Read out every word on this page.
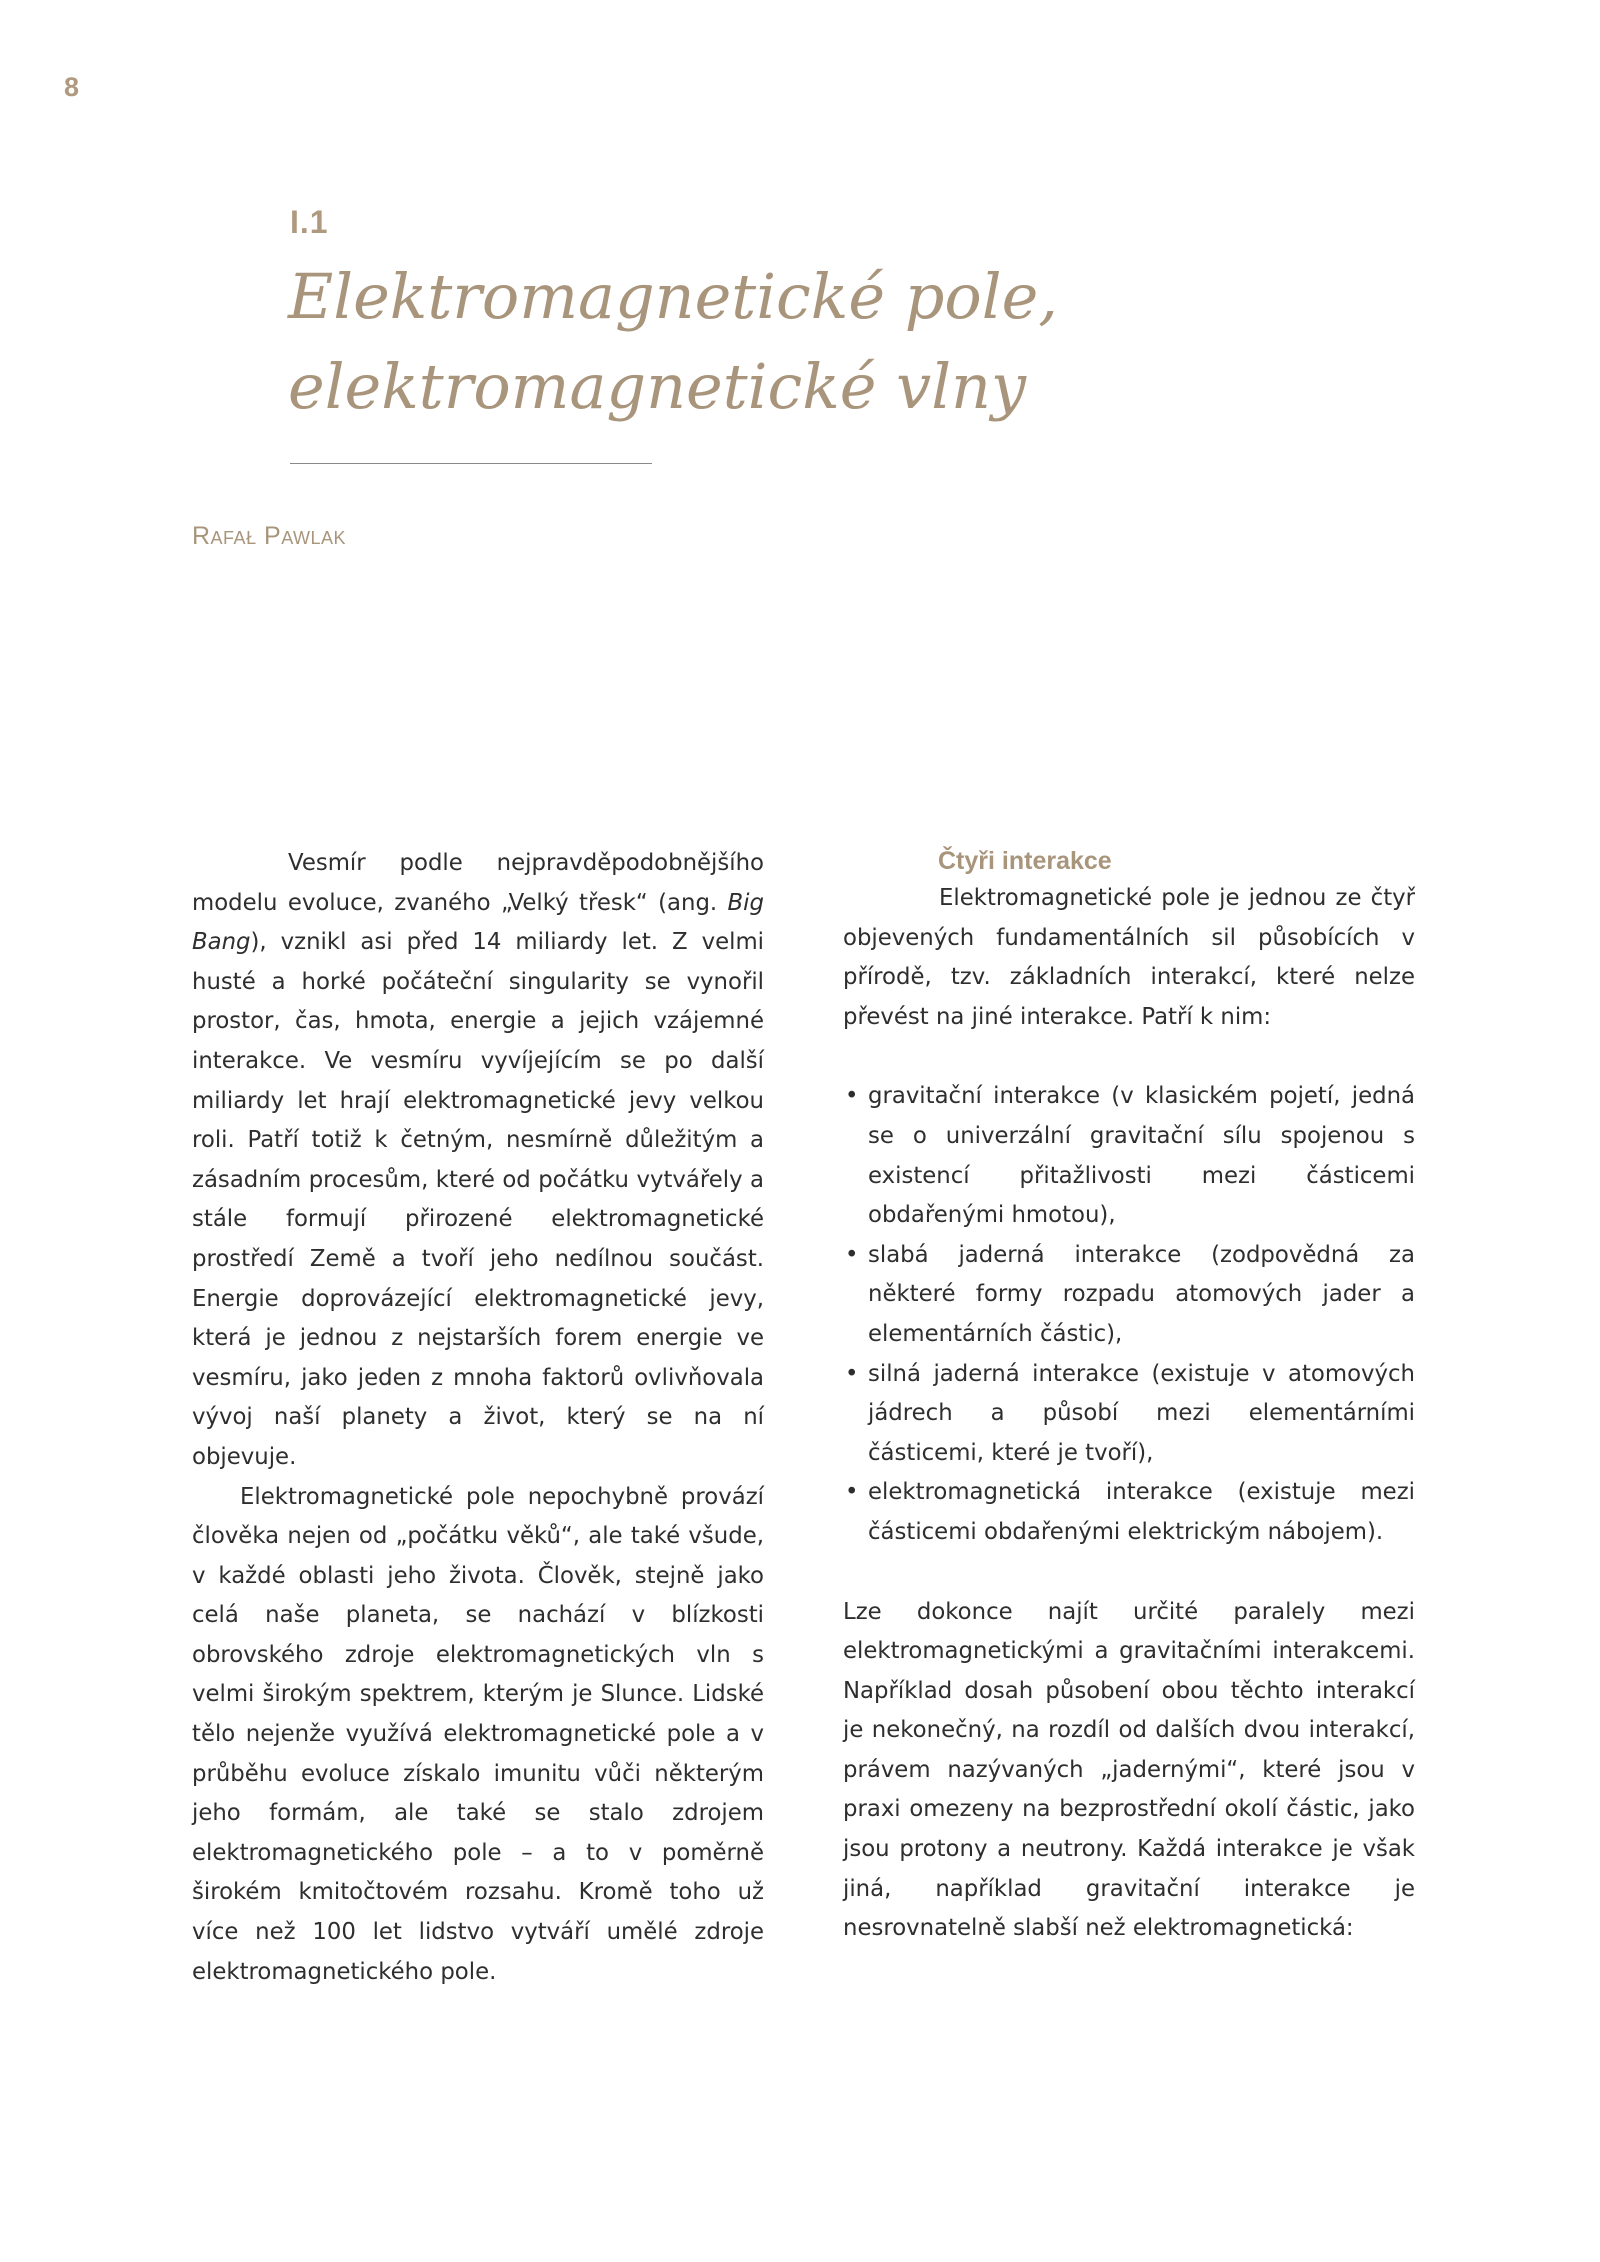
8
I.1
Elektromagnetické pole,
elektromagnetické vlny
Rafał Pawlak

Vesmír podle nejpravděpodobnějšího modelu evoluce, zvaného „Velký třesk“ (ang. Big Bang), vznikl asi před 14 miliardy let. Z velmi husté a horké počáteční singularity se vynořil prostor, čas, hmota, energie a jejich vzájemné interakce. Ve vesmíru vyvíjejícím se po další miliardy let hrají elektromagnetické jevy velkou roli. Patří totiž k četným, nesmírně důležitým a zásadním procesům, které od počátku vytvářely a stále formují přirozené elektromagnetické prostředí Země a tvoří jeho nedílnou součást. Energie doprovázející elektromagnetické jevy, která je jednou z nejstarších forem energie ve vesmíru, jako jeden z mnoha faktorů ovlivňovala vývoj naší planety a život, který se na ní objevuje.

Elektromagnetické pole nepochybně provází člověka nejen od „počátku věků“, ale také všude, v každé oblasti jeho života. Člověk, stejně jako celá naše planeta, se nachází v blízkosti obrovského zdroje elektromagnetických vln s velmi širokým spektrem, kterým je Slunce. Lidské tělo nejenže využívá elektromagnetické pole a v průběhu evoluce získalo imunitu vůči některým jeho formám, ale také se stalo zdrojem elektromagnetického pole – a to v poměrně širokém kmitočtovém rozsahu. Kromě toho už více než 100 let lidstvo vytváří umělé zdroje elektromagnetického pole.

Čtyři interakce

Elektromagnetické pole je jednou ze čtyř objevených fundamentálních sil působících v přírodě, tzv. základních interakcí, které nelze převést na jiné interakce. Patří k nim:

• gravitační interakce (v klasickém pojetí, jedná se o univerzální gravitační sílu spojenou s existencí přitažlivosti mezi částicemi obdařenými hmotou),
• slabá jaderná interakce (zodpovědná za některé formy rozpadu atomových jader a elementárních částic),
• silná jaderná interakce (existuje v atomových jádrech a působí mezi elementárními částicemi, které je tvoří),
• elektromagnetická interakce (existuje mezi částicemi obdařenými elektrickým nábojem).

Lze dokonce najít určité paralely mezi elektromagnetickými a gravitačními interakcemi. Například dosah působení obou těchto interakcí je nekonečný, na rozdíl od dalších dvou interakcí, právem nazývaných „jadernými“, které jsou v praxi omezeny na bezprostřední okolí částic, jako jsou protony a neutrony. Každá interakce je však jiná, například gravitační interakce je nesrovnatelně slabší než elektromagnetická:
